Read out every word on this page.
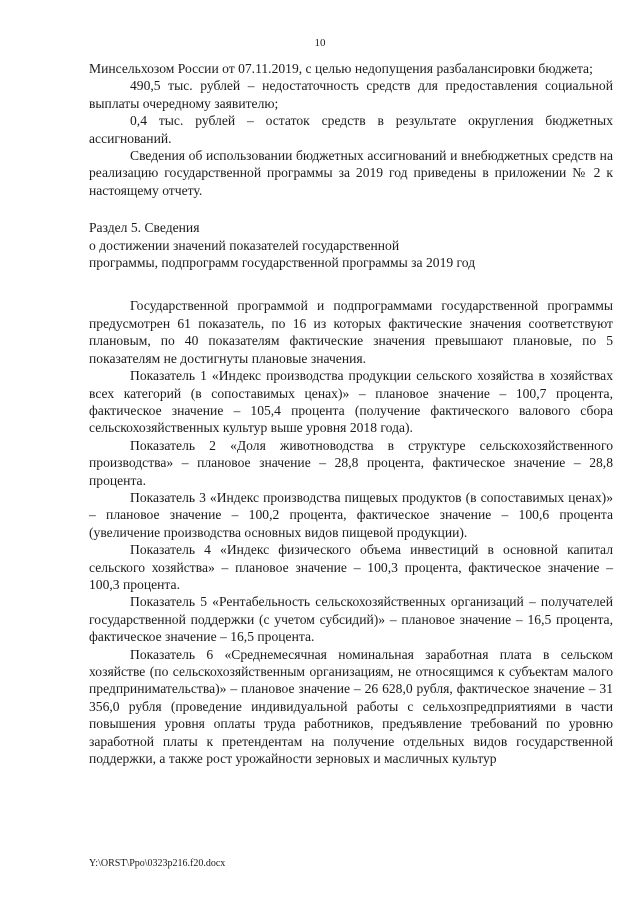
10

Минсельхозом России от 07.11.2019, с целью недопущения разбалансировки бюджета;

490,5 тыс. рублей – недостаточность средств для предоставления социальной выплаты очередному заявителю;

0,4 тыс. рублей – остаток средств в результате округления бюджетных ассигнований.

Сведения об использовании бюджетных ассигнований и внебюджетных средств на реализацию государственной программы за 2019 год приведены в приложении № 2 к настоящему отчету.

Раздел 5. Сведения

о достижении значений показателей государственной

программы, подпрограмм государственной программы за 2019 год

Государственной программой и подпрограммами государственной программы предусмотрен 61 показатель, по 16 из которых фактические значения соответствуют плановым, по 40 показателям фактические значения превышают плановые, по 5 показателям не достигнуты плановые значения.

Показатель 1 «Индекс производства продукции сельского хозяйства в хозяйствах всех категорий (в сопоставимых ценах)» – плановое значение – 100,7 процента, фактическое значение – 105,4 процента (получение фактического валового сбора сельскохозяйственных культур выше уровня 2018 года).

Показатель 2 «Доля животноводства в структуре сельскохозяйственного производства» – плановое значение – 28,8 процента, фактическое значение – 28,8 процента.

Показатель 3 «Индекс производства пищевых продуктов (в сопоставимых ценах)» – плановое значение – 100,2 процента, фактическое значение – 100,6 процента (увеличение производства основных видов пищевой продукции).

Показатель 4 «Индекс физического объема инвестиций в основной капитал сельского хозяйства» – плановое значение – 100,3 процента, фактическое значение – 100,3 процента.

Показатель 5 «Рентабельность сельскохозяйственных организаций – получателей государственной поддержки (с учетом субсидий)» – плановое значение – 16,5 процента, фактическое значение – 16,5 процента.

Показатель 6 «Среднемесячная номинальная заработная плата в сельском хозяйстве (по сельскохозяйственным организациям, не относящимся к субъектам малого предпринимательства)» – плановое значение – 26 628,0 рубля, фактическое значение – 31 356,0 рубля (проведение индивидуальной работы с сельхозпредприятиями в части повышения уровня оплаты труда работников, предъявление требований по уровню заработной платы к претендентам на получение отдельных видов государственной поддержки, а также рост урожайности зерновых и масличных культур

Y:\ORST\Ppo\0323p216.f20.docx
